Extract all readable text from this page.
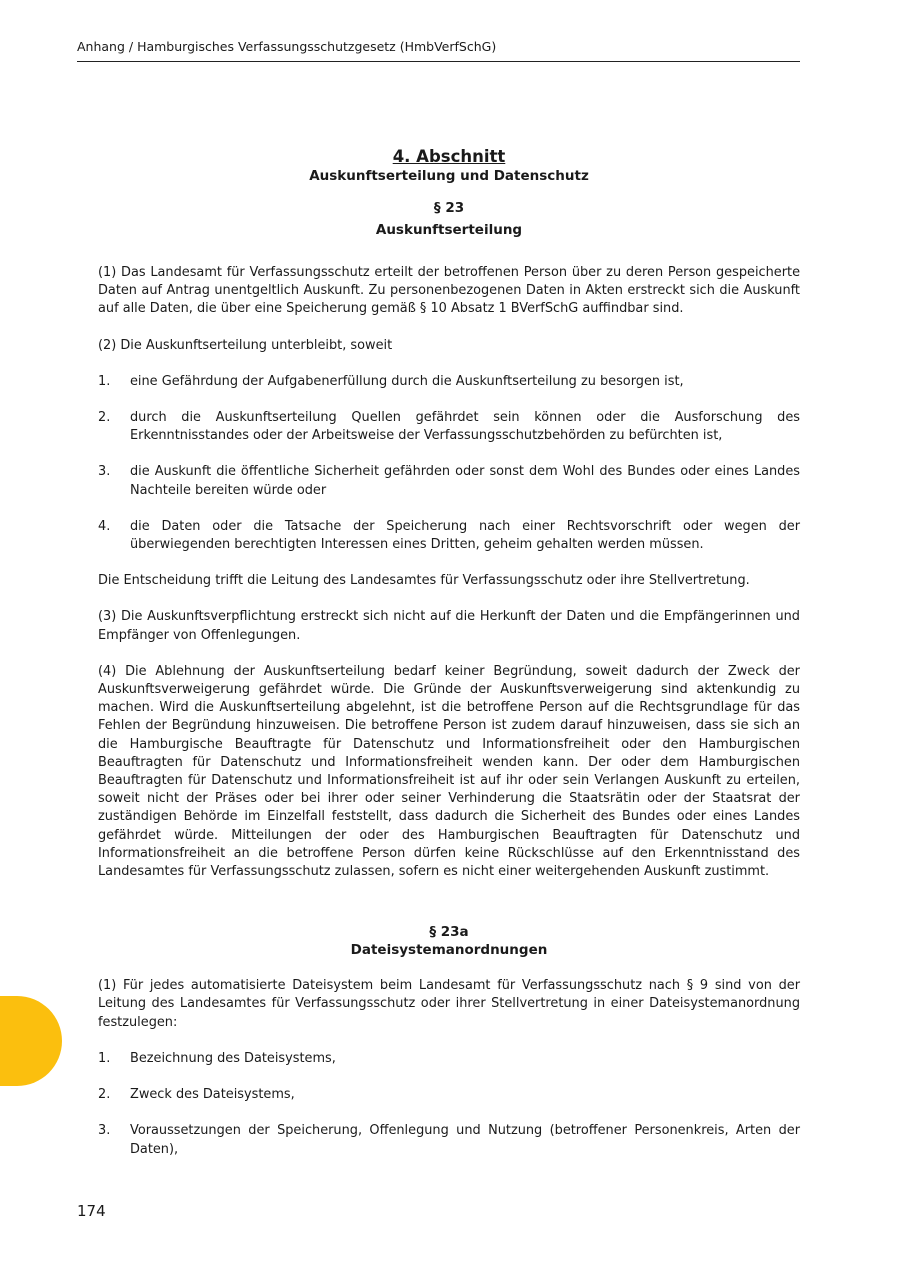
Anhang / Hamburgisches Verfassungsschutzgesetz (HmbVerfSchG)
4. Abschnitt
Auskunftserteilung und Datenschutz
§ 23
Auskunftserteilung

(1) Das Landesamt für Verfassungsschutz erteilt der betroffenen Person über zu deren Person gespeicherte Daten auf Antrag unentgeltlich Auskunft. Zu personenbezogenen Daten in Akten erstreckt sich die Auskunft auf alle Daten, die über eine Speicherung gemäß § 10 Absatz 1 BVerfSchG auffindbar sind.

(2) Die Auskunftserteilung unterbleibt, soweit

1.	eine Gefährdung der Aufgabenerfüllung durch die Auskunftserteilung zu besorgen ist,
2.	durch die Auskunftserteilung Quellen gefährdet sein können oder die Ausforschung des Erkenntnisstandes oder der Arbeitsweise der Verfassungsschutzbehörden zu befürchten ist,
3.	die Auskunft die öffentliche Sicherheit gefährden oder sonst dem Wohl des Bundes oder eines Landes Nachteile bereiten würde oder
4.	die Daten oder die Tatsache der Speicherung nach einer Rechtsvorschrift oder wegen der überwiegenden berechtigten Interessen eines Dritten, geheim gehalten werden müssen.

Die Entscheidung trifft die Leitung des Landesamtes für Verfassungsschutz oder ihre Stellvertretung.

(3) Die Auskunftsverpflichtung erstreckt sich nicht auf die Herkunft der Daten und die Empfängerinnen und Empfänger von Offenlegungen.

(4) Die Ablehnung der Auskunftserteilung bedarf keiner Begründung, soweit dadurch der Zweck der Auskunftsverweigerung gefährdet würde. Die Gründe der Auskunftsverweigerung sind aktenkundig zu machen. Wird die Auskunftserteilung abgelehnt, ist die betroffene Person auf die Rechtsgrundlage für das Fehlen der Begründung hinzuweisen. Die betroffene Person ist zudem darauf hinzuweisen, dass sie sich an die Hamburgische Beauftragte für Datenschutz und Informationsfreiheit oder den Hamburgischen Beauftragten für Datenschutz und Informationsfreiheit wenden kann. Der oder dem Hamburgischen Beauftragten für Datenschutz und Informationsfreiheit ist auf ihr oder sein Verlangen Auskunft zu erteilen, soweit nicht der Präses oder bei ihrer oder seiner Verhinderung die Staatsrätin oder der Staatsrat der zuständigen Behörde im Einzelfall feststellt, dass dadurch die Sicherheit des Bundes oder eines Landes gefährdet würde. Mitteilungen der oder des Hamburgischen Beauftragten für Datenschutz und Informationsfreiheit an die betroffene Person dürfen keine Rückschlüsse auf den Erkenntnisstand des Landesamtes für Verfassungsschutz zulassen, sofern es nicht einer weitergehenden Auskunft zustimmt.

§ 23a
Dateisystemanordnungen

(1) Für jedes automatisierte Dateisystem beim Landesamt für Verfassungsschutz nach § 9 sind von der Leitung des Landesamtes für Verfassungsschutz oder ihrer Stellvertretung in einer Dateisystemanordnung festzulegen:

1.	Bezeichnung des Dateisystems,
2.	Zweck des Dateisystems,
3.	Voraussetzungen der Speicherung, Offenlegung und Nutzung (betroffener Personenkreis, Arten der Daten),
174
